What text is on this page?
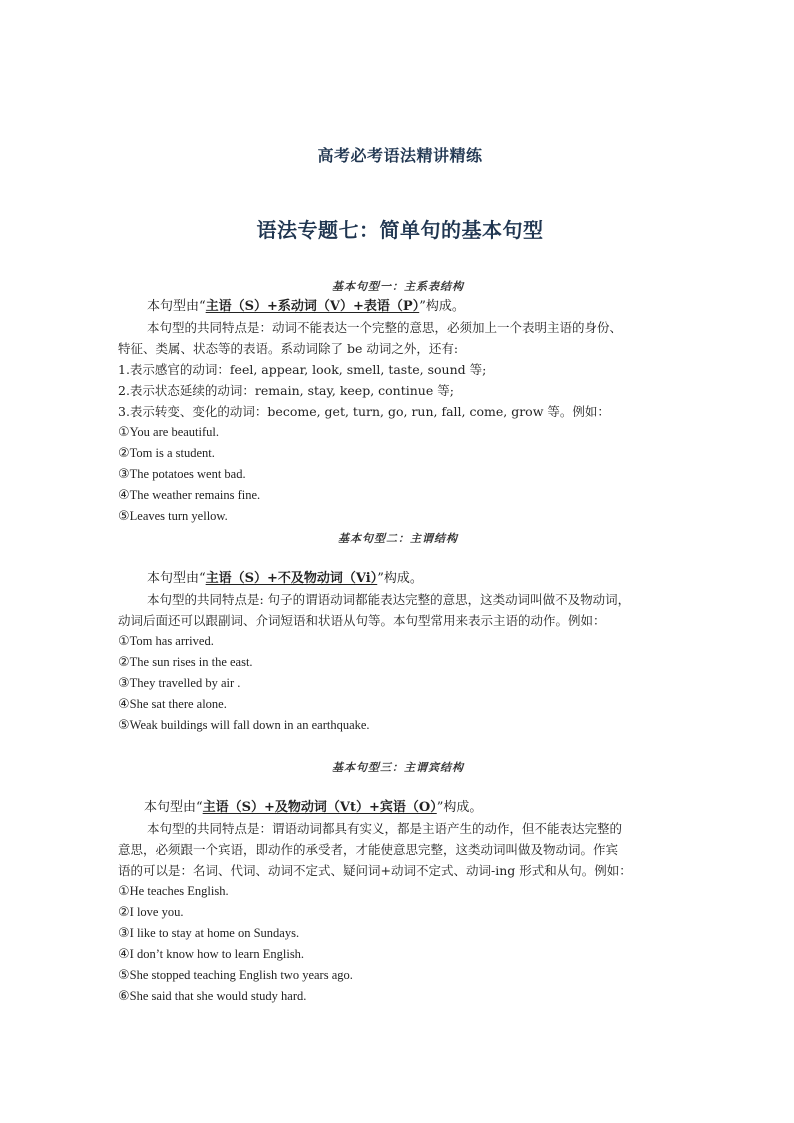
高考必考语法精讲精练
语法专题七：简单句的基本句型
基本句型一：主系表结构
本句型由“主语（S）+系动词（V）+表语（P）”构成。
本句型的共同特点是：动词不能表达一个完整的意思，必须加上一个表明主语的身份、
特征、类属、状态等的表语。系动词除了 be 动词之外，还有:
1.表示感官的动词：feel, appear, look, smell, taste, sound 等;
2.表示状态延续的动词：remain, stay, keep, continue 等;
3.表示转变、变化的动词：become, get, turn, go, run, fall, come, grow 等。例如：
①You are beautiful.
②Tom is a student.
③The potatoes went bad.
④The weather remains fine.
⑤Leaves turn yellow.
基本句型二：主谓结构
本句型由“主语（S）+不及物动词（Vi）”构成。
本句型的共同特点是: 句子的谓语动词都能表达完整的意思，这类动词叫做不及物动词，
动词后面还可以跟副词、介词短语和状语从句等。本句型常用来表示主语的动作。例如：
①Tom has arrived.
②The sun rises in the east.
③They travelled by air .
④She sat there alone.
⑤Weak buildings will fall down in an earthquake.
基本句型三：主谓宾结构
本句型由“主语（S）+及物动词（Vt）+宾语（O）”构成。
本句型的共同特点是：谓语动词都具有实义，都是主语产生的动作，但不能表达完整的
意思，必须跟一个宾语，即动作的承受者，才能使意思完整，这类动词叫做及物动词。作宾
语的可以是：名词、代词、动词不定式、疑问词+动词不定式、动词-ing 形式和从句。例如：
①He teaches English.
②I love you.
③I like to stay at home on Sundays.
④I don’t know how to learn English.
⑤She stopped teaching English two years ago.
⑥She said that she would study hard.
